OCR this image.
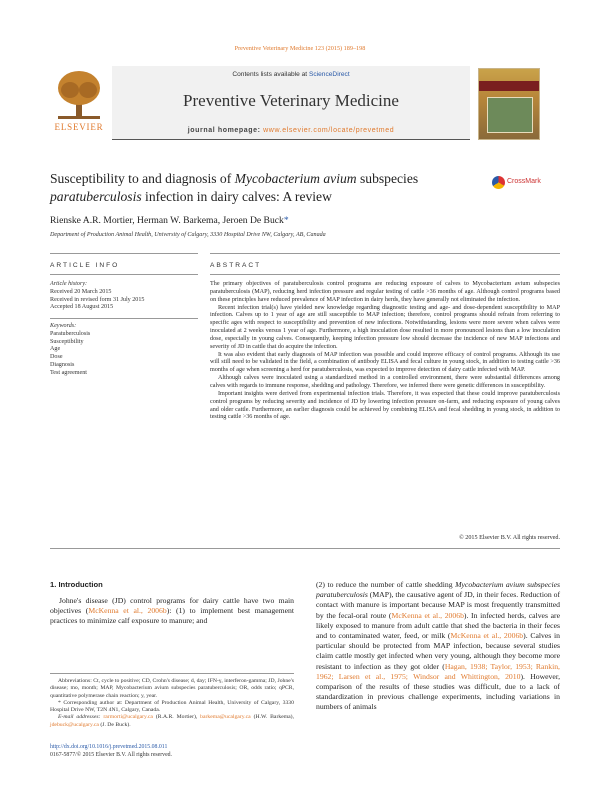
Preventive Veterinary Medicine 123 (2015) 189–198
ELSEVIER
Contents lists available at ScienceDirect
Preventive Veterinary Medicine
journal homepage: www.elsevier.com/locate/prevetmed
Susceptibility to and diagnosis of Mycobacterium avium subspecies
paratuberculosis infection in dairy calves: A review
CrossMark
Rienske A.R. Mortier, Herman W. Barkema, Jeroen De Buck*
Department of Production Animal Health, University of Calgary, 3330 Hospital Drive NW, Calgary, AB, Canada
ARTICLE INFO	ABSTRACT
Article history:
Received 20 March 2015
Received in revised form 31 July 2015
Accepted 18 August 2015
Keywords:
Paratuberculosis
Susceptibility
Age
Dose
Diagnosis
Test agreement

The primary objectives of paratuberculosis control programs are reducing exposure of calves to Mycobacterium avium subspecies paratuberculosis (MAP), reducing herd infection pressure and regular testing of cattle >36 months of age. Although control programs based on these principles have reduced prevalence of MAP infection in dairy herds, they have generally not eliminated the infection.

Recent infection trial(s) have yielded new knowledge regarding diagnostic testing and age- and dose-dependent susceptibility to MAP infection. Calves up to 1 year of age are still susceptible to MAP infection; therefore, control programs should refrain from referring to specific ages with respect to susceptibility and prevention of new infections. Notwithstanding, lesions were more severe when calves were inoculated at 2 weeks versus 1 year of age. Furthermore, a high inoculation dose resulted in more pronounced lesions than a low inoculation dose, especially in young calves. Consequently, keeping infection pressure low should decrease the incidence of new MAP infections and severity of JD in cattle that do acquire the infection.

It was also evident that early diagnosis of MAP infection was possible and could improve efficacy of control programs. Although its use will still need to be validated in the field, a combination of antibody ELISA and fecal culture in young stock, in addition to testing cattle >36 months of age when screening a herd for paratuberculosis, was expected to improve detection of dairy cattle infected with MAP.

Although calves were inoculated using a standardized method in a controlled environment, there were substantial differences among calves with regards to immune response, shedding and pathology. Therefore, we inferred there were genetic differences in susceptibility.

Important insights were derived from experimental infection trials. Therefore, it was expected that these could improve paratuberculosis control programs by reducing severity and incidence of JD by lowering infection pressure on-farm, and reducing exposure of young calves and older cattle. Furthermore, an earlier diagnosis could be achieved by combining ELISA and fecal shedding in young stock, in addition to testing cattle >36 months of age.

© 2015 Elsevier B.V. All rights reserved.
1. Introduction
Johne's disease (JD) control programs for dairy cattle have two main objectives (McKenna et al., 2006b): (1) to implement best management practices to minimize calf exposure to manure; and
(2) to reduce the number of cattle shedding Mycobacterium avium subspecies paratuberculosis (MAP), the causative agent of JD, in their feces. Reduction of contact with manure is important because MAP is most frequently transmitted by the fecal-oral route (McKenna et al., 2006b). In infected herds, calves are likely exposed to manure from adult cattle that shed the bacteria in their feces and to contaminated water, feed, or milk (McKenna et al., 2006b). Calves in particular should be protected from MAP infection, because several studies claim cattle mostly get infected when very young, although they become more resistant to infection as they got older (Hagan, 1938; Taylor, 1953; Rankin, 1962; Larsen et al., 1975; Windsor and Whittington, 2010). However, comparison of the results of these studies was difficult, due to a lack of standardization in previous challenge experiments, including variations in numbers of animals

Abbreviations: Ct, cycle to positive; CD, Crohn's disease; d, day; IFN-γ, interferon-gamma; JD, Johne's disease; mo, month; MAP, Mycobacterium avium subspecies paratuberculosis; OR, odds ratio; qPCR, quantitative polymerase chain reaction; y, year.

* Corresponding author at: Department of Production Animal Health, University of Calgary, 3330 Hospital Drive NW, T2N 4N1, Calgary, Canada.

E-mail addresses: rarmorti@ucalgary.ca (R.A.R. Mortier), barkema@ucalgary.ca (H.W. Barkema), jdebuck@ucalgary.ca (J. De Buck).

http://dx.doi.org/10.1016/j.prevetmed.2015.08.011
0167-5877/© 2015 Elsevier B.V. All rights reserved.
